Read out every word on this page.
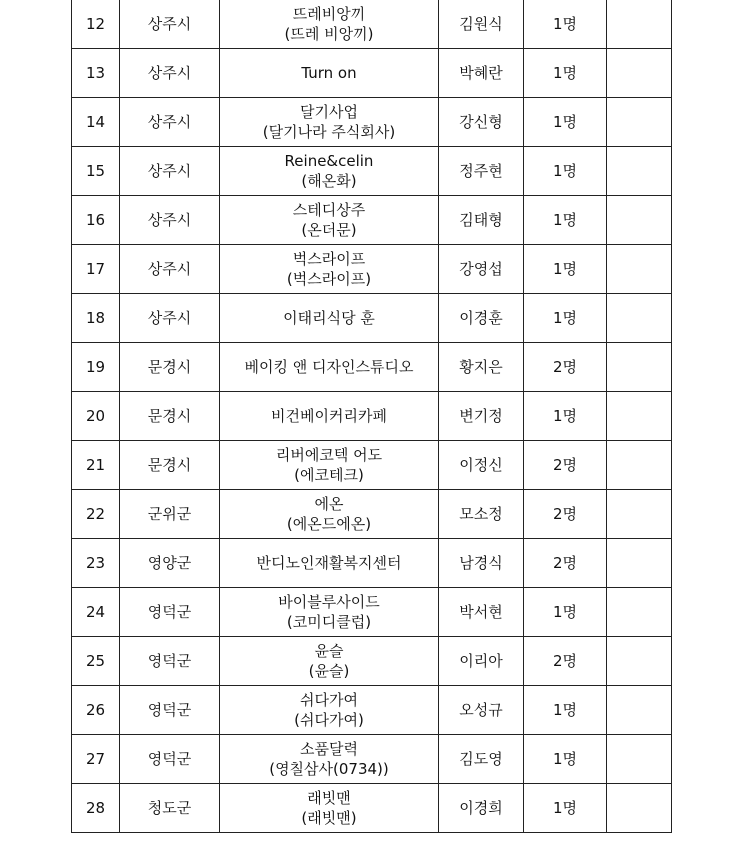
12	상주시	뜨레비앙끼
(뜨레 비앙끼)	김원식	1명	
13	상주시	Turn on	박혜란	1명	
14	상주시	달기사업
(달기나라 주식회사)	강신형	1명	
15	상주시	Reine&celin
(해온화)	정주현	1명	
16	상주시	스테디상주
(온더문)	김태형	1명	
17	상주시	벅스라이프
(벅스라이프)	강영섭	1명	
18	상주시	이태리식당 훈	이경훈	1명	
19	문경시	베이킹 앤 디자인스튜디오	황지은	2명	
20	문경시	비건베이커리카페	변기정	1명	
21	문경시	리버에코텍 어도
(에코테크)	이정신	2명	
22	군위군	에온
(에온드에온)	모소정	2명	
23	영양군	반디노인재활복지센터	남경식	2명	
24	영덕군	바이블루사이드
(코미디클럽)	박서현	1명	
25	영덕군	윤슬
(윤슬)	이리아	2명	
26	영덕군	쉬다가여
(쉬다가여)	오성규	1명	
27	영덕군	소품달력
(영칠삼사(0734))	김도영	1명	
28	청도군	래빗맨
(래빗맨)	이경희	1명	
